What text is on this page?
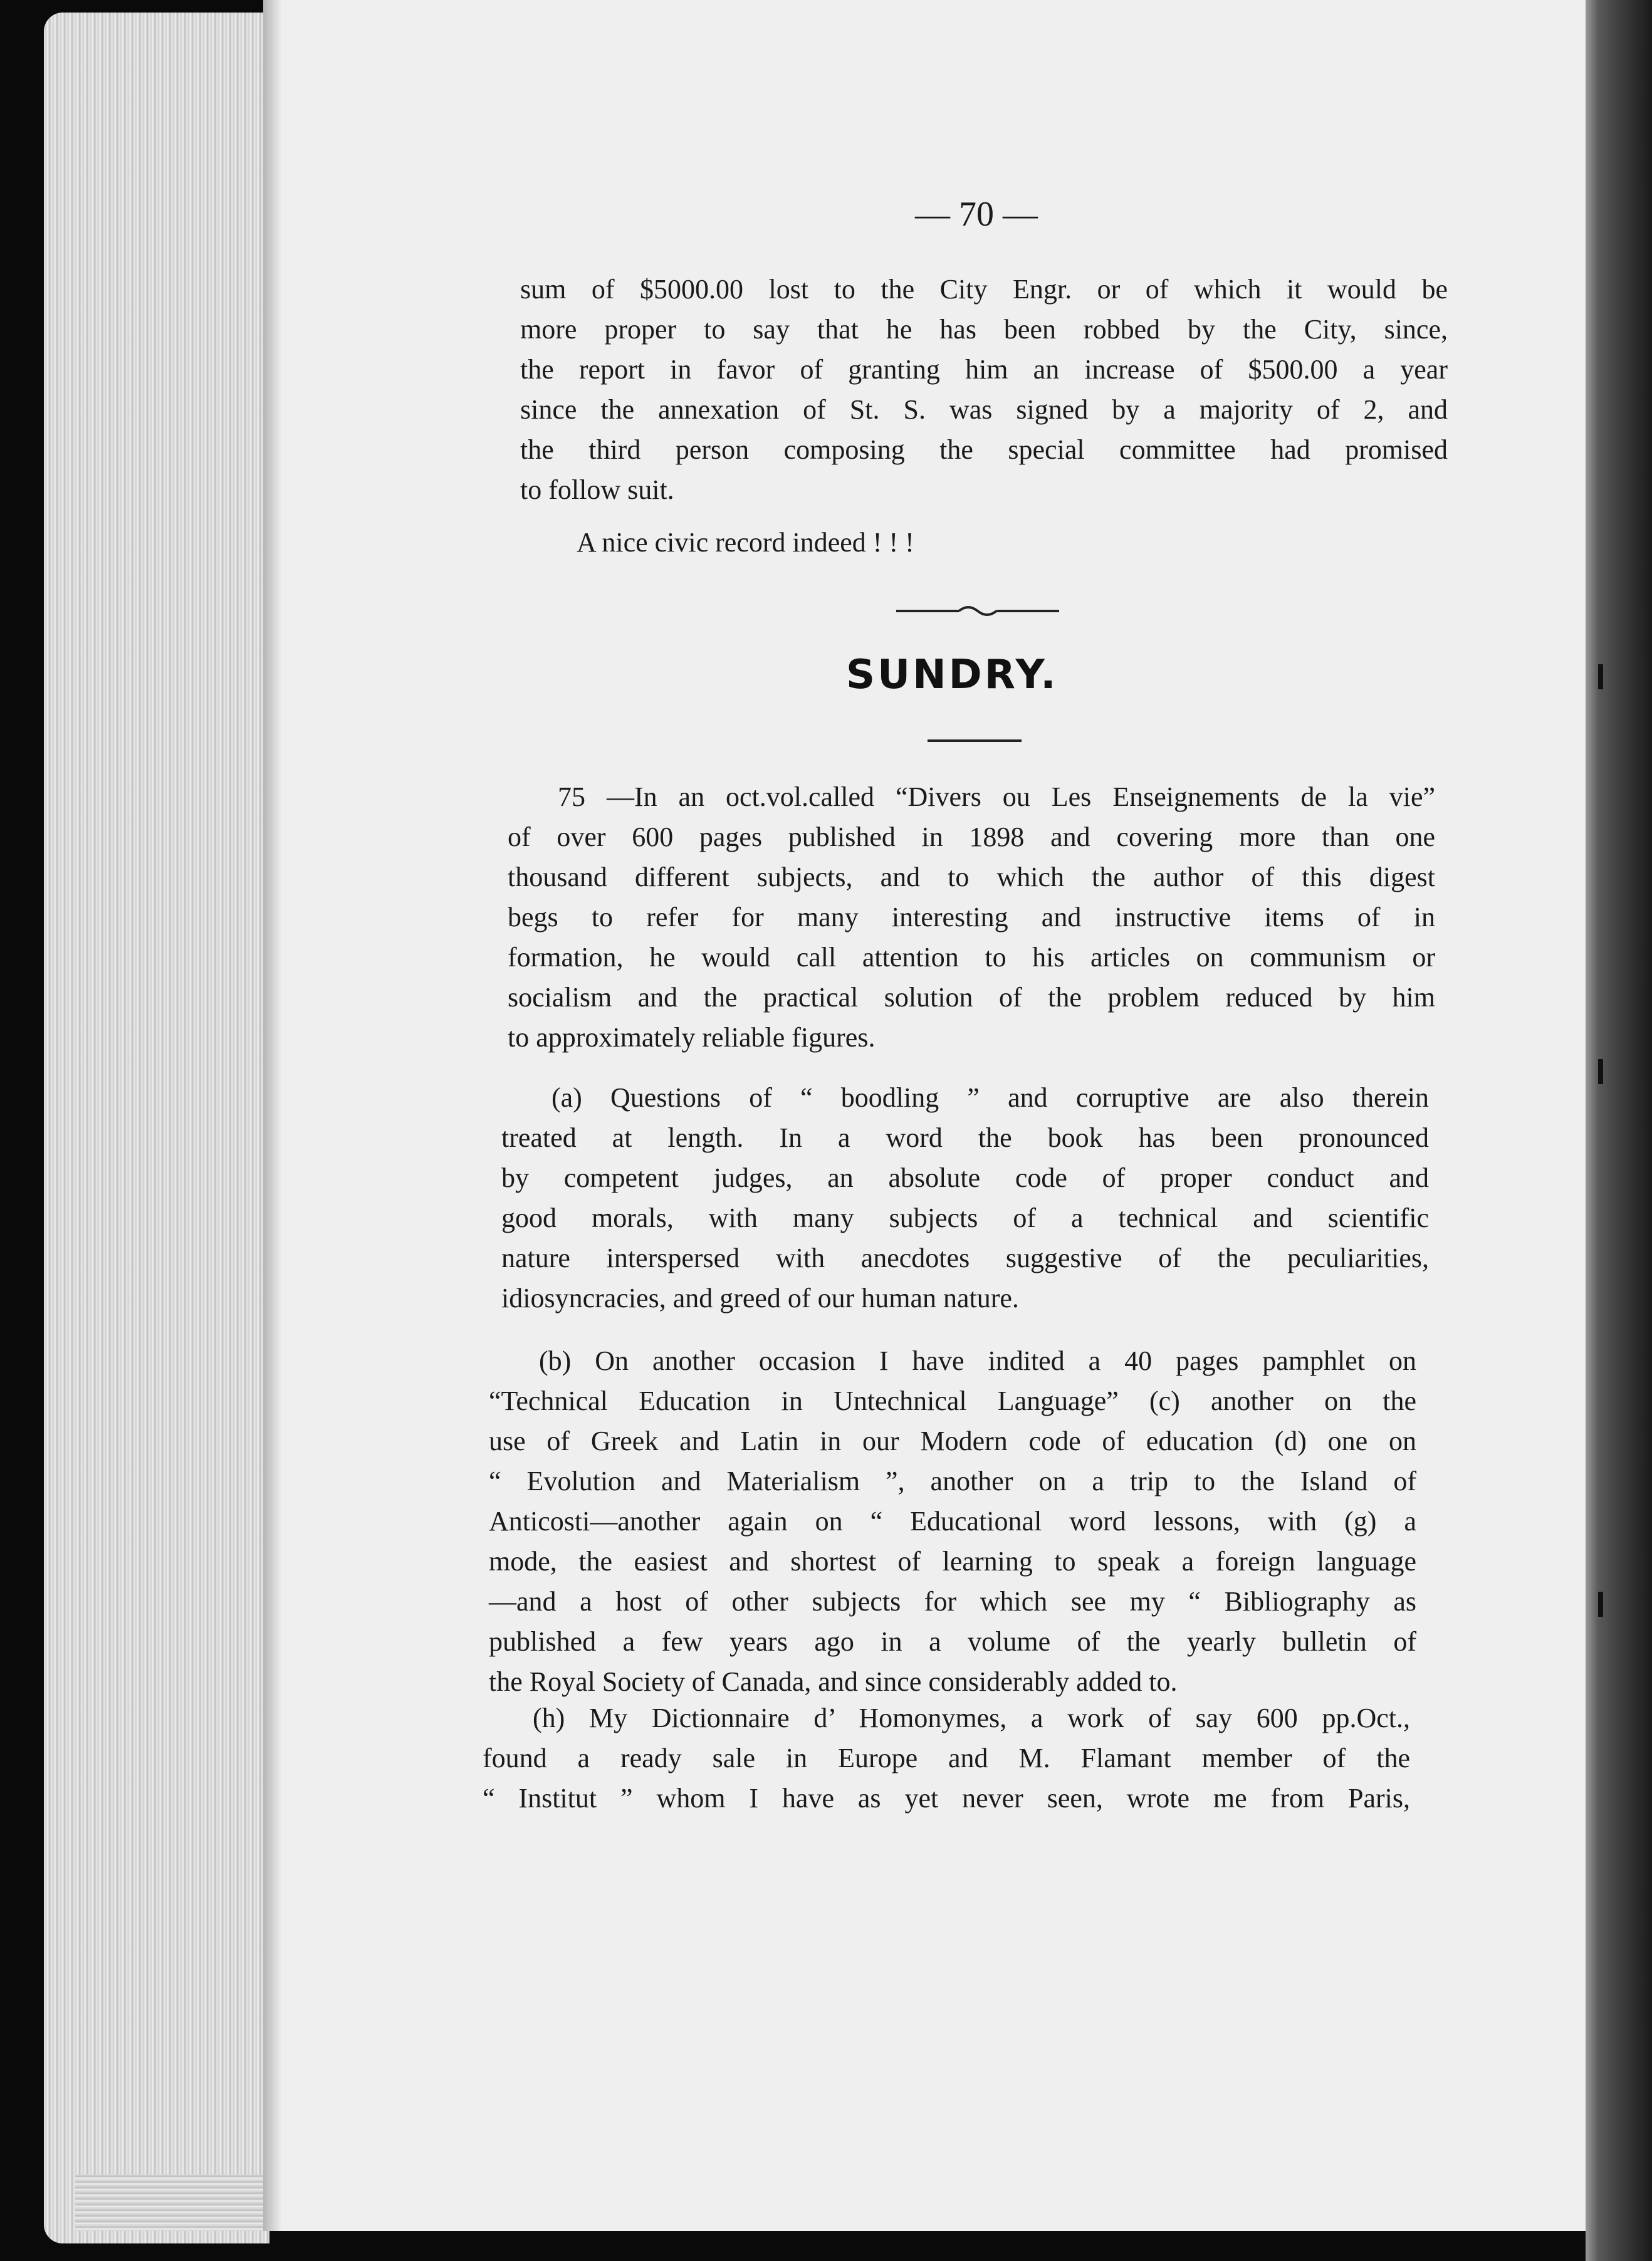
— 70 —
sum of $5000.00 lost to the City Engr. or of which it would be
more proper to say that he has been robbed by the City, since,
the report in favor of granting him an increase of $500.00 a year
since the annexation of St. S. was signed by a majority of 2, and
the third person composing the special committee had promised
to follow suit.
A nice civic record indeed ! ! !
SUNDRY.
75 —In an oct.vol.called “Divers ou Les Enseignements de la vie”
of over 600 pages published in 1898 and covering more than one
thousand different subjects, and to which the author of this digest
begs to refer for many interesting and instructive items of in
formation, he would call attention to his articles on communism or
socialism and the practical solution of the problem reduced by him
to approximately reliable figures.
(a) Questions of “ boodling ” and corruptive are also therein
treated at length. In a word the book has been pronounced
by competent judges, an absolute code of proper conduct and
good morals, with many subjects of a technical and scientific
nature interspersed with anecdotes suggestive of the peculiarities,
idiosyncracies, and greed of our human nature.
(b) On another occasion I have indited a 40 pages pamphlet on
“Technical Education in Untechnical Language” (c) another on the
use of Greek and Latin in our Modern code of education (d) one on
“ Evolution and Materialism ”, another on a trip to the Island of
Anticosti—another again on “ Educational word lessons, with (g) a
mode, the easiest and shortest of learning to speak a foreign language
—and a host of other subjects for which see my “ Bibliography as
published a few years ago in a volume of the yearly bulletin of
the Royal Society of Canada, and since considerably added to.
(h) My Dictionnaire d’ Homonymes, a work of say 600 pp.Oct.,
found a ready sale in Europe and M. Flamant member of the
“ Institut ” whom I have as yet never seen, wrote me from Paris,
